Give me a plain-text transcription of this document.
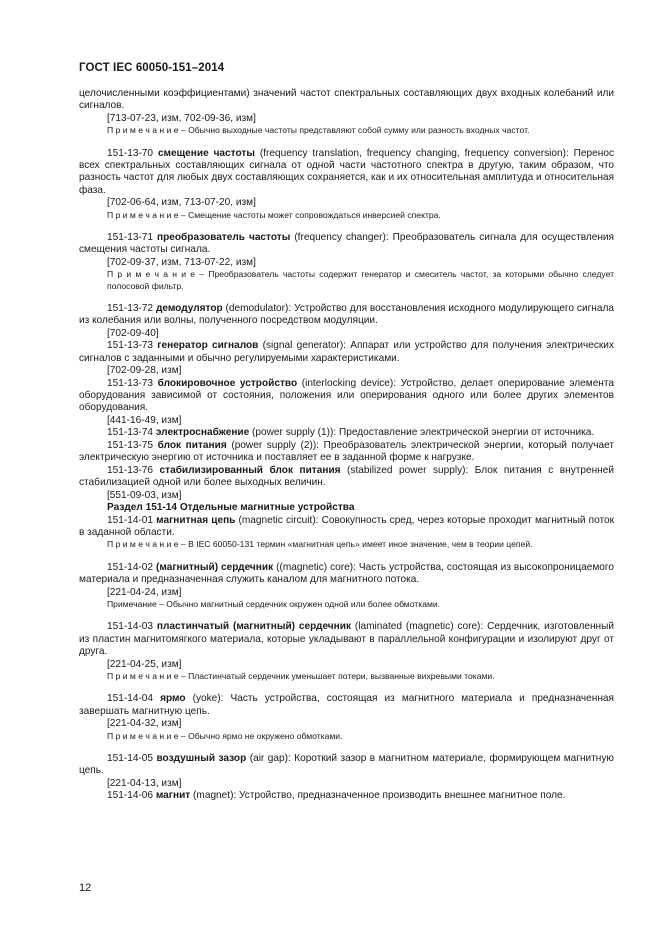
ГОСТ IEC 60050-151–2014

целочисленными коэффициентами) значений частот спектральных составляющих двух входных колебаний или сигналов.

[713-07-23, изм, 702-09-36, изм]

П р и м е ч а н и е – Обычно выходные частоты представляют собой сумму или разность входных частот.

151-13-70 смещение частоты (frequency translation, frequency changing, frequency conversion): Перенос всех спектральных составляющих сигнала от одной части частотного спектра в другую, таким образом, что разность частот для любых двух составляющих сохраняется, как и их относительная амплитуда и относительная фаза.

[702-06-64, изм, 713-07-20, изм]

П р и м е ч а н и е – Смещение частоты может сопровождаться инверсией спектра.

151-13-71 преобразователь частоты (frequency changer): Преобразователь сигнала для осуществления смещения частоты сигнала.

[702-09-37, изм, 713-07-22, изм]

П р и м е ч а н и е – Преобразователь частоты содержит генератор и смеситель частот, за которыми обычно следует полосовой фильтр.

151-13-72 демодулятор (demodulator): Устройство для восстановления исходного модулирующего сигнала из колебания или волны, полученного посредством модуляции.

[702-09-40]

151-13-73 генератор сигналов (signal generator): Аппарат или устройство для получения электрических сигналов с заданными и обычно регулируемыми характеристиками.

[702-09-28, изм]

151-13-73 блокировочное устройство (interlocking device): Устройство, делает оперирование элемента оборудования зависимой от состояния, положения или оперирования одного или более других элементов оборудования.

[441-16-49, изм]

151-13-74 электроснабжение (power supply (1)): Предоставление электрической энергии от источника.

151-13-75 блок питания (power supply (2)): Преобразователь электрической энергии, который получает электрическую энергию от источника и поставляет ее в заданной форме к нагрузке.

151-13-76 стабилизированный блок питания (stabilized power supply): Блок питания с внутренней стабилизацией одной или более выходных величин.

[551-09-03, изм]

Раздел 151-14 Отдельные магнитные устройства

151-14-01 магнитная цепь (magnetic circuit): Совокупность сред, через которые проходит магнитный поток в заданной области.

П р и м е ч а н и е – В IEC 60050-131 термин «магнитная цепь» имеет иное значение, чем в теории цепей.

151-14-02 (магнитный) сердечник ((magnetic) core): Часть устройства, состоящая из высокопроницаемого материала и предназначенная служить каналом для магнитного потока.

[221-04-24, изм]

Примечание – Обычно магнитный сердечник окружен одной или более обмотками.

151-14-03 пластинчатый (магнитный) сердечник (laminated (magnetic) core): Сердечник, изготовленный из пластин магнитомягкого материала, которые укладывают в параллельной конфигурации и изолируют друг от друга.

[221-04-25, изм]

П р и м е ч а н и е – Пластинчатый сердечник уменьшает потери, вызванные вихревыми токами.

151-14-04 ярмо (yoke): Часть устройства, состоящая из магнитного материала и предназначенная завершать магнитную цепь.

[221-04-32, изм]

П р и м е ч а н и е – Обычно ярмо не окружено обмотками.

151-14-05 воздушный зазор (air gap): Короткий зазор в магнитном материале, формирующем магнитную цепь.

[221-04-13, изм]

151-14-06 магнит (magnet): Устройство, предназначенное производить внешнее магнитное поле.

12
